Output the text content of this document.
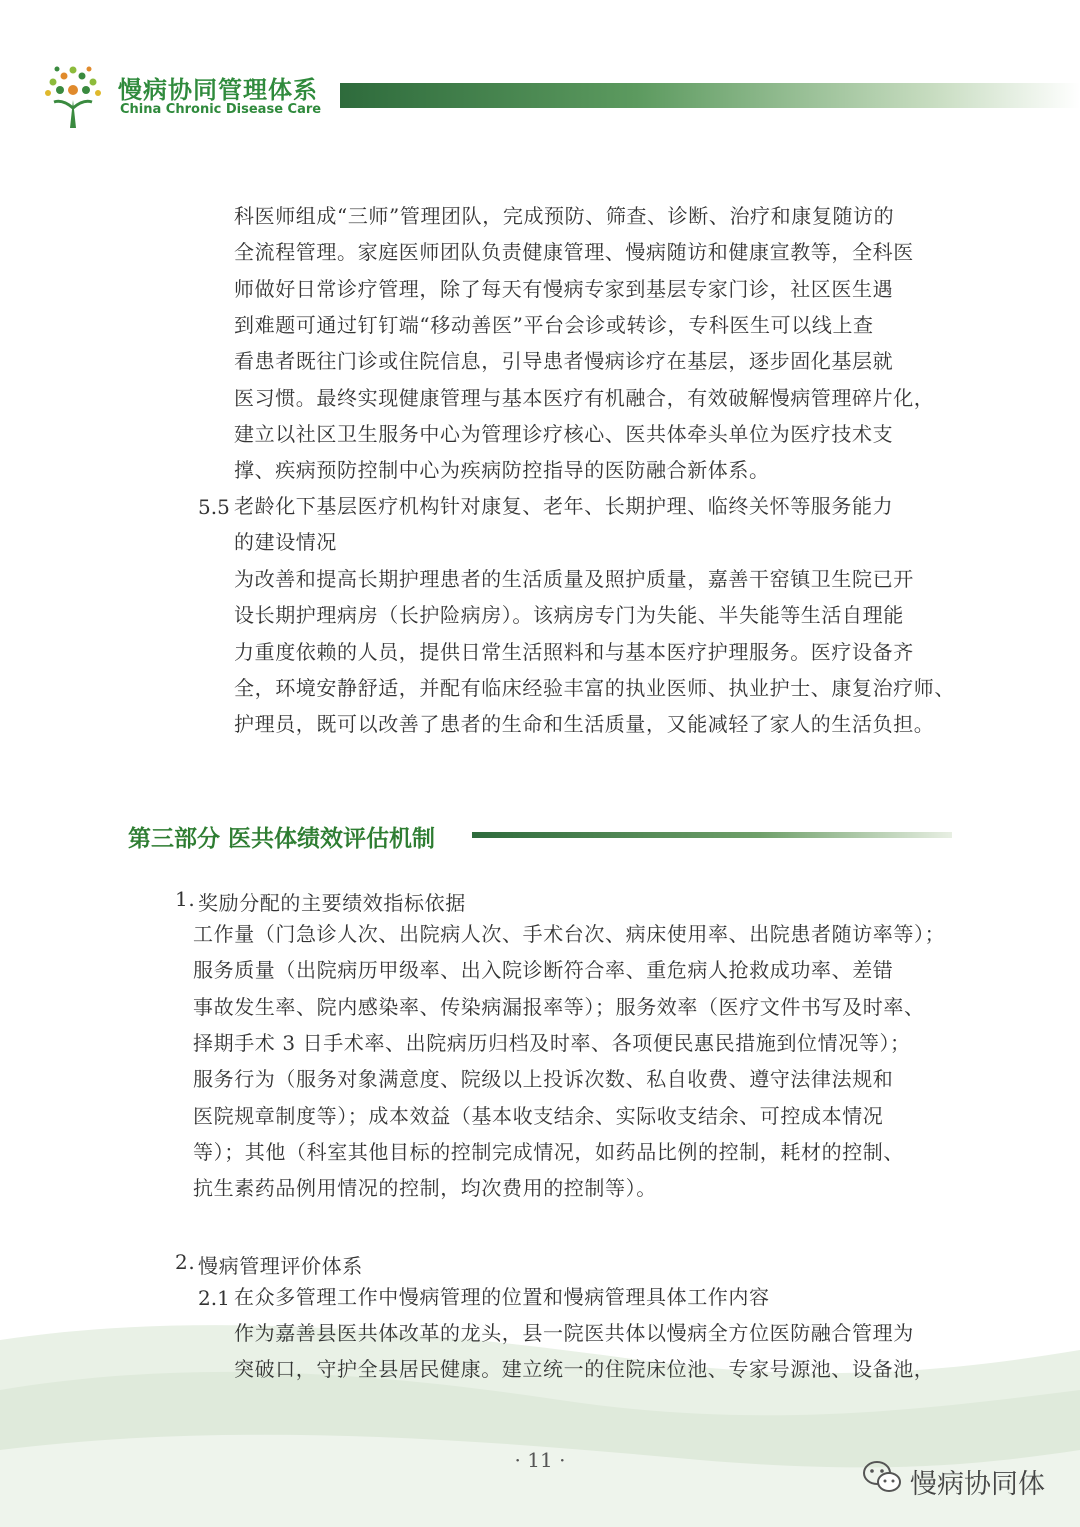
慢病协同管理体系
China Chronic Disease Care
科医师组成“三师”管理团队，完成预防、筛查、诊断、治疗和康复随访的
全流程管理。家庭医师团队负责健康管理、慢病随访和健康宣教等，全科医
师做好日常诊疗管理，除了每天有慢病专家到基层专家门诊，社区医生遇
到难题可通过钉钉端“移动善医”平台会诊或转诊，专科医生可以线上查
看患者既往门诊或住院信息，引导患者慢病诊疗在基层，逐步固化基层就
医习惯。最终实现健康管理与基本医疗有机融合，有效破解慢病管理碎片化，
建立以社区卫生服务中心为管理诊疗核心、医共体牵头单位为医疗技术支
撑、疾病预防控制中心为疾病防控指导的医防融合新体系。
5.5 老龄化下基层医疗机构针对康复、老年、长期护理、临终关怀等服务能力
的建设情况
为改善和提高长期护理患者的生活质量及照护质量，嘉善干窑镇卫生院已开
设长期护理病房（长护险病房）。该病房专门为失能、半失能等生活自理能
力重度依赖的人员，提供日常生活照料和与基本医疗护理服务。医疗设备齐
全，环境安静舒适，并配有临床经验丰富的执业医师、执业护士、康复治疗师、
护理员，既可以改善了患者的生命和生活质量，又能减轻了家人的生活负担。
第三部分 医共体绩效评估机制
1. 奖励分配的主要绩效指标依据
工作量（门急诊人次、出院病人次、手术台次、病床使用率、出院患者随访率等）；
服务质量（出院病历甲级率、出入院诊断符合率、重危病人抢救成功率、差错
事故发生率、院内感染率、传染病漏报率等）；服务效率（医疗文件书写及时率、
择期手术 3 日手术率、出院病历归档及时率、各项便民惠民措施到位情况等）；
服务行为（服务对象满意度、院级以上投诉次数、私自收费、遵守法律法规和
医院规章制度等）；成本效益（基本收支结余、实际收支结余、可控成本情况
等）；其他（科室其他目标的控制完成情况，如药品比例的控制，耗材的控制、
抗生素药品例用情况的控制，均次费用的控制等）。
2. 慢病管理评价体系
2.1 在众多管理工作中慢病管理的位置和慢病管理具体工作内容
作为嘉善县医共体改革的龙头，县一院医共体以慢病全方位医防融合管理为
突破口，守护全县居民健康。建立统一的住院床位池、专家号源池、设备池，
· 11 ·
慢病协同体
